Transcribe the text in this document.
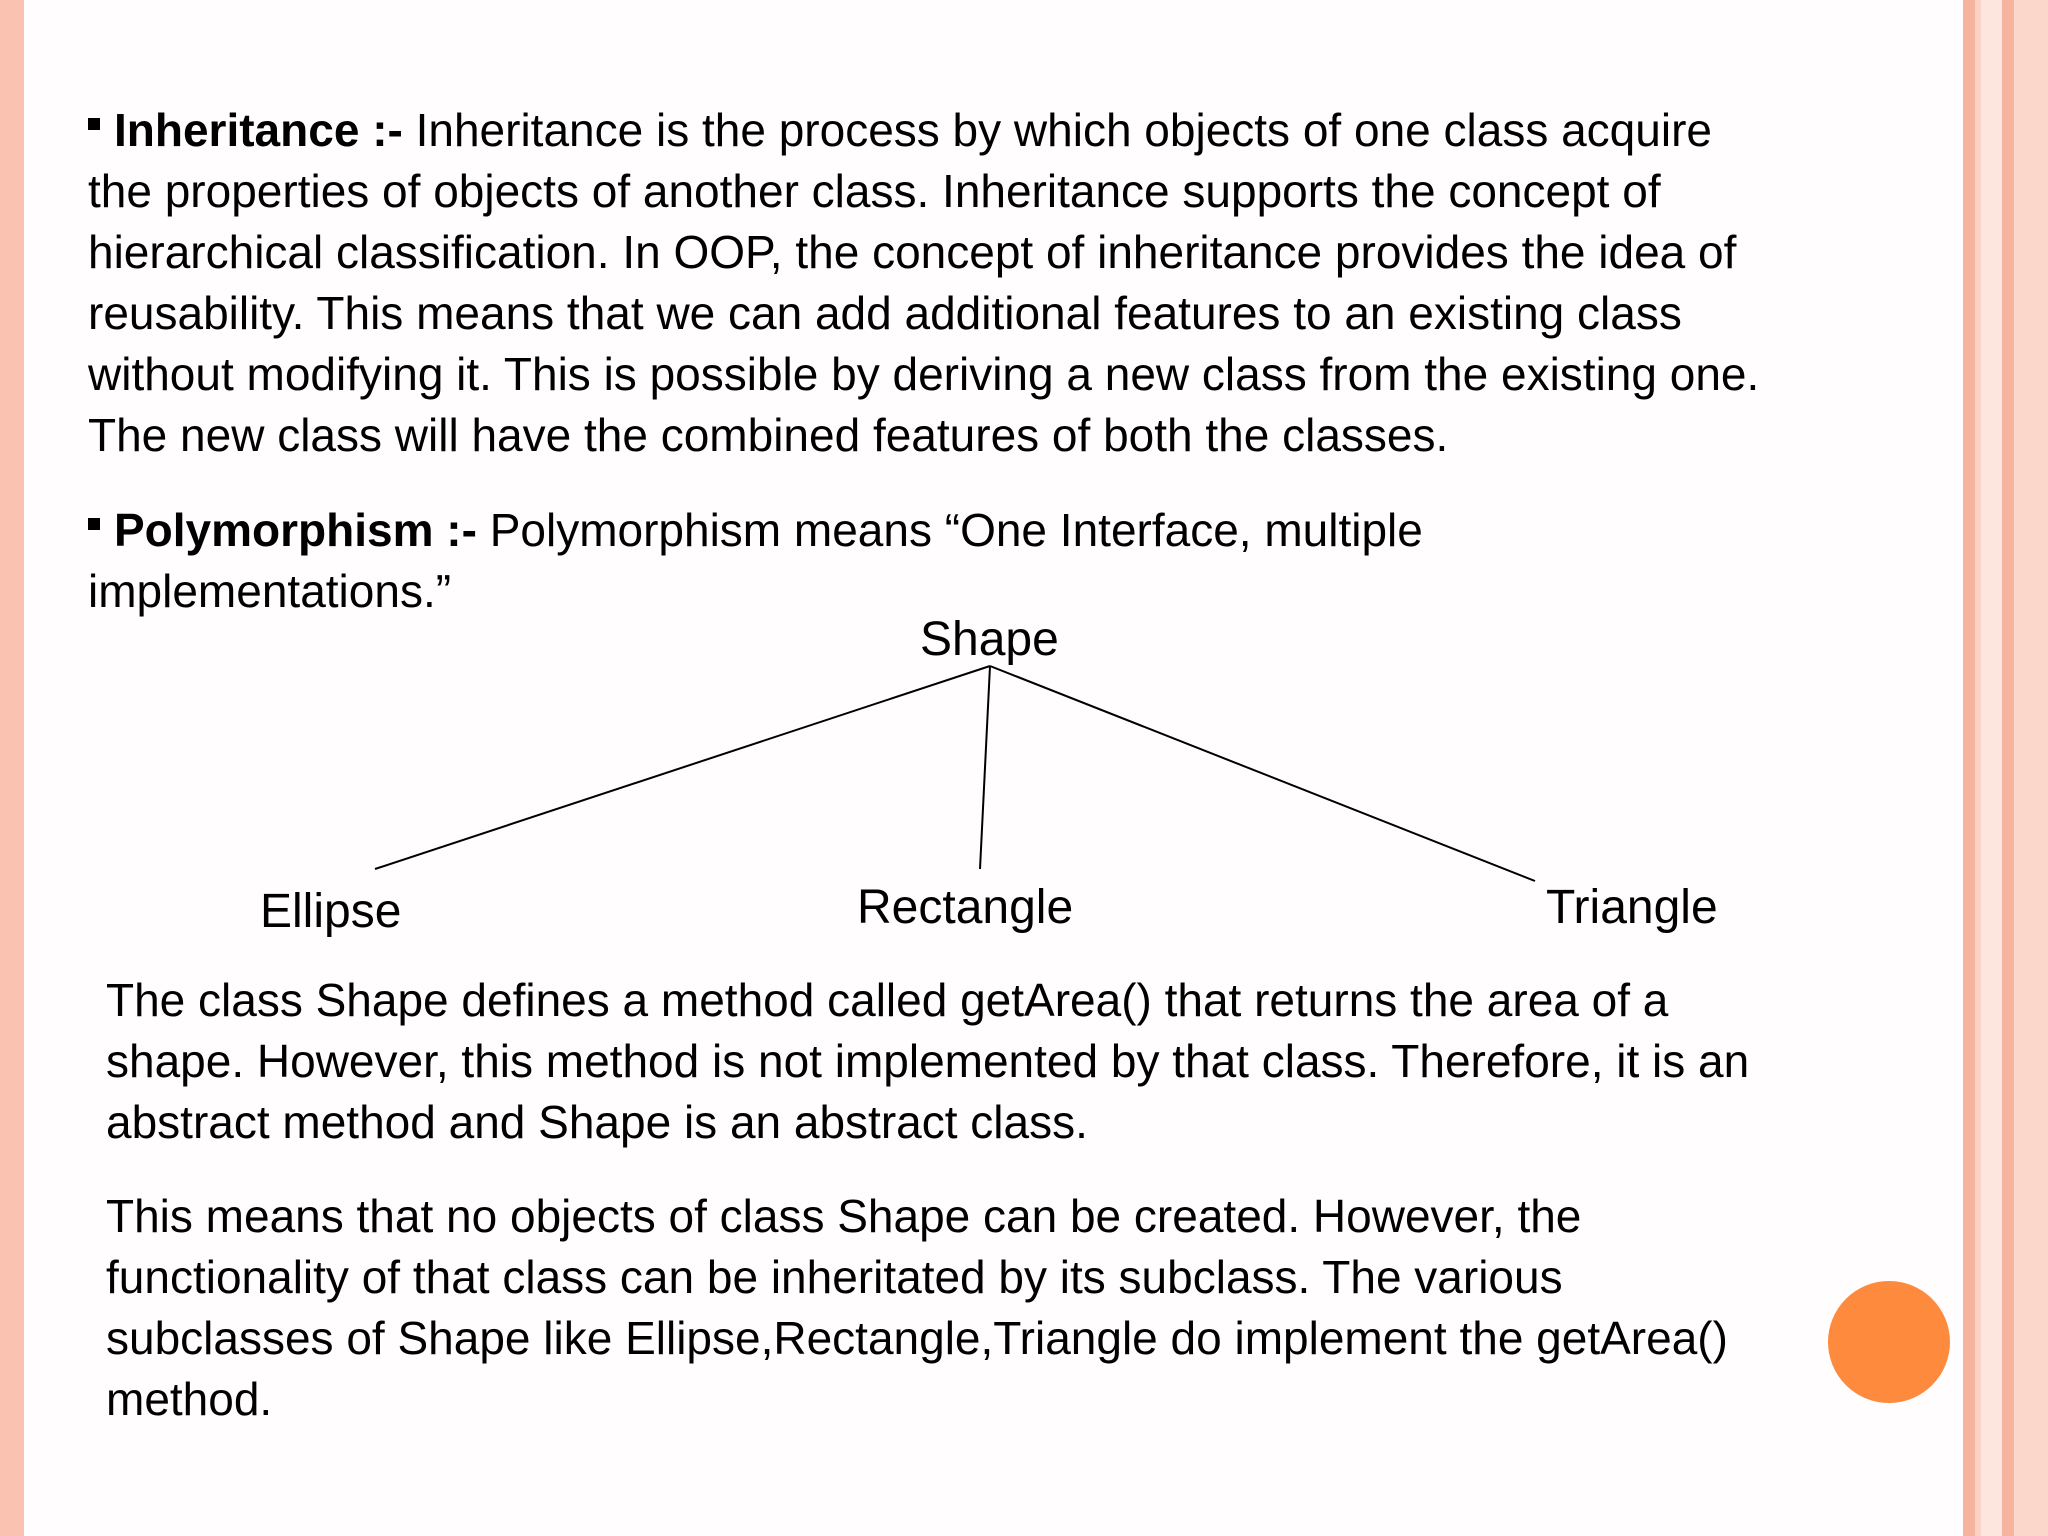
Inheritance :- Inheritance is the process by which objects of one class acquire
the properties of objects of another class. Inheritance supports the concept of
hierarchical classification. In OOP, the concept of inheritance provides the idea of
reusability. This means that we can add additional features to an existing class
without modifying it. This is possible by deriving a new class from the existing one.
The new class will have the combined features of both the classes.
Polymorphism :- Polymorphism means “One Interface, multiple
implementations.”
Shape
Ellipse	Rectangle	Triangle
The class Shape defines a method called getArea() that returns the area of a
shape. However, this method is not implemented by that class. Therefore, it is an
abstract method and Shape is an abstract class.
This means that no objects of class Shape can be created. However, the
functionality of that class can be inheritated by its subclass. The various
subclasses of Shape like Ellipse,Rectangle,Triangle do implement the getArea()
method.
